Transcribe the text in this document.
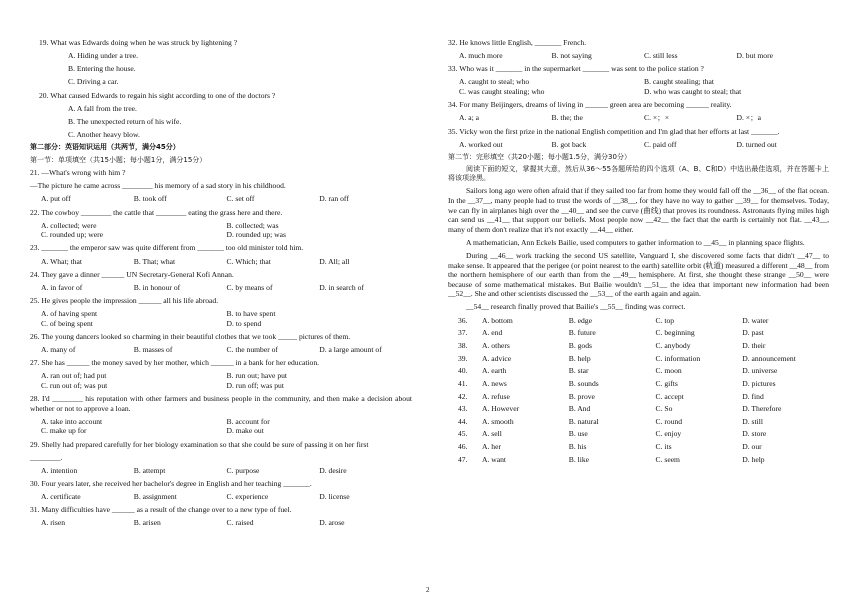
19. What was Edwards doing when he was struck by lightening ?
A. Hiding under a tree.
B. Entering the house.
C. Driving a car.
20. What caused Edwards to regain his sight according to one of the doctors ?
A. A fall from the tree.
B. The unexpected return of his wife.
C. Another heavy blow.
第二部分：英语知识运用（共两节，满分45分）
第一节：单项填空（共15小题；每小题1分，满分15分）
21. —What's wrong with him ?
—The picture he came across ________ his memory of a sad story in his childhood.
A. put off	B. took off	C. set off	D. ran off
22. The cowboy ________ the cattle that ________ eating the grass here and there.
A. collected; were	B. collected; was
C. rounded up; were	D. rounded up; was
23. _______ the emperor saw was quite different from _______ too old minister told him.
A. What; that	B. That; what	C. Which; that	D. All; all
24. They gave a dinner ______ UN Secretary-General Kofi Annan.
A. in favor of	B. in honour of	C. by means of	D. in search of
25. He gives people the impression ______ all his life abroad.
A. of having spent	B. to have spent
C. of being spent	D. to spend
26. The young dancers looked so charming in their beautiful clothes that we took _____ pictures of them.
A. many of	B. masses of	C. the number of	D. a large amount of
27. She has ______ the money saved by her mother, which ______ in a bank for her education.
A. ran out of; had put	B. run out; have put
C. run out of; was put	D. run off; was put
28. I'd ________ his reputation with other farmers and business people in the community, and then make a decision about whether or not to approve a loan.
A. take into account	B. account for
C. make up for	D. make out
29. Shelly had prepared carefully for her biology examination so that she could be sure of passing it on her first
________.
A. intention	B. attempt	C. purpose	D. desire
30. Four years later, she received her bachelor's degree in English and her teaching _______.
A. certificate	B. assignment	C. experience	D. license
31. Many difficulties have ______ as a result of the change over to a new type of fuel.
A. risen	B. arisen	C. raised	D. arose
32. He knows little English, _______ French.
A. much more	B. not saying	C. still less	D. but more
33. Who was it _______ in the supermarket _______ was sent to the police station ?
A. caught to steal; who	B. caught stealing; that
C. was caught stealing; who	D. who was caught to steal; that
34. For many Beijingers, dreams of living in ______ green area are becoming ______ reality.
A. a; a	B. the; the	C. ×；×	D. ×；a
35. Vicky won the first prize in the national English competition and I'm glad that her efforts at last _______.
A. worked out	B. got back	C. paid off	D. turned out
第二节：完形填空（共20小题；每小题1.5分，满分30分）
阅读下面的短文，掌握其大意，然后从36～55各题所给的四个选项（A、B、C和D）中选出最佳选项，并在答题卡上将该项涂黑。
Sailors long ago were often afraid that if they sailed too far from home they would fall off the __36__ of the flat ocean. In the __37__, many people had to trust the words of __38__, for they have no way to gather __39__ for themselves. Today, we can fly in airplanes high over the __40__ and see the curve (曲线) that proves its roundness. Astronauts flying miles high can send us __41__ that support our beliefs. Most people now __42__ the fact that the earth is certainly not flat. __43__, many of them don't realize that it's not exactly __44__ either.
A mathematician, Ann Eckels Bailie, used computers to gather information to __45__ in planning space flights.
During __46__ work tracking the second US satellite, Vanguard I, she discovered some facts that didn't __47__ to make sense. It appeared that the perigee (or point nearest to the earth) satellite orbit (轨道) measured a different __48__ from the northern hemisphere of our earth than from the __49__ hemisphere. At first, she thought these strange __50__ were because of some mathematical mistakes. But Bailie wouldn't __51__ the idea that important new information had been __52__. She and other scientists discussed the __53__ of the earth again and again.
__54__ research finally proved that Bailie's __55__ finding was correct.
36.	A. bottom	B. edge	C. top	D. water
37.	A. end	B. future	C. beginning	D. past
38.	A. others	B. gods	C. anybody	D. their
39.	A. advice	B. help	C. information	D. announcement
40.	A. earth	B. star	C. moon	D. universe
41.	A. news	B. sounds	C. gifts	D. pictures
42.	A. refuse	B. prove	C. accept	D. find
43.	A. However	B. And	C. So	D. Therefore
44.	A. smooth	B. natural	C. round	D. still
45.	A. sell	B. use	C. enjoy	D. store
46.	A. her	B. his	C. its	D. our
47.	A. want	B. like	C. seem	D. help
2
